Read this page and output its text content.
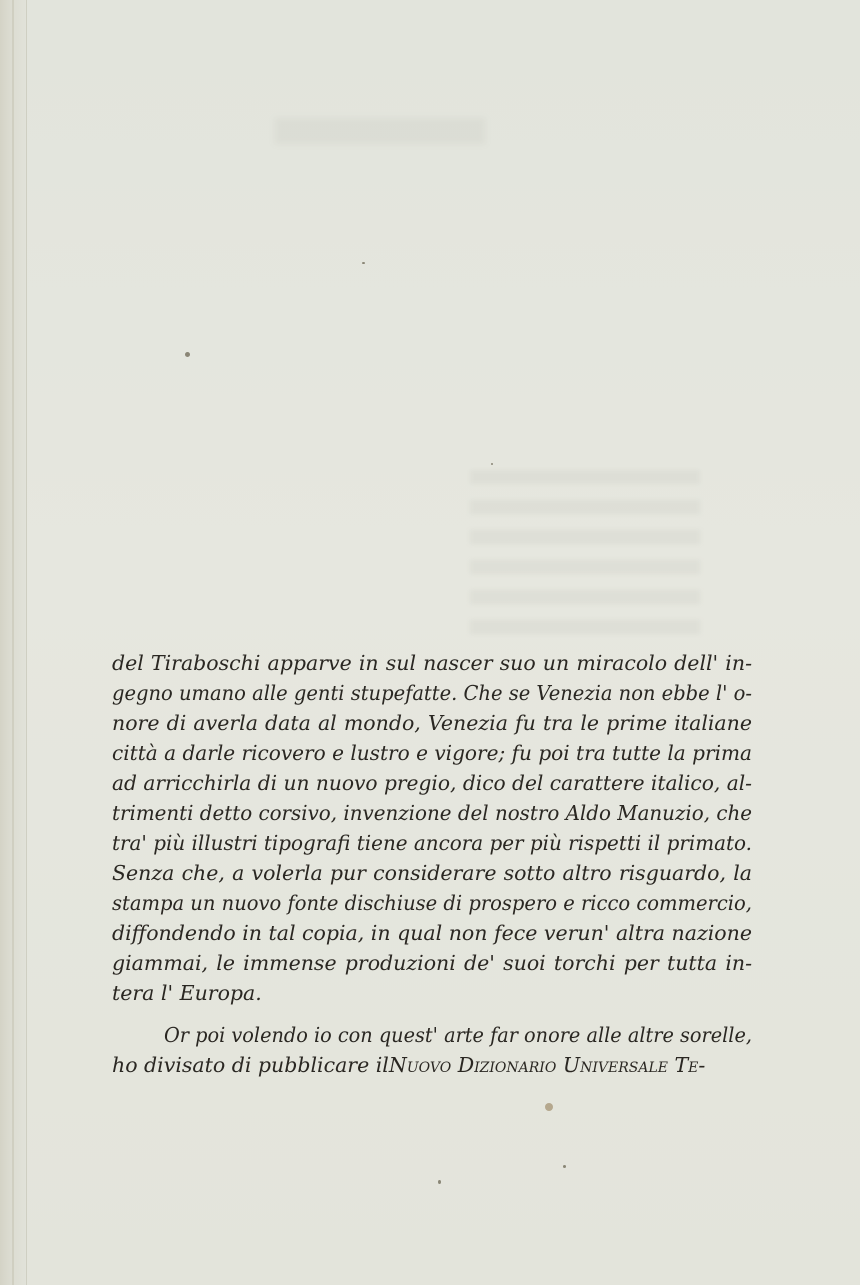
del Tiraboschi apparve in sul nascer suo un miracolo dell' in-
gegno umano alle genti stupefatte. Che se Venezia non ebbe l' o-
nore di averla data al mondo, Venezia fu tra le prime italiane
città a darle ricovero e lustro e vigore; fu poi tra tutte la prima
ad arricchirla di un nuovo pregio, dico del carattere italico, al-
trimenti detto corsivo, invenzione del nostro Aldo Manuzio, che
tra' più illustri tipografi tiene ancora per più rispetti il primato.
Senza che, a volerla pur considerare sotto altro risguardo, la
stampa un nuovo fonte dischiuse di prospero e ricco commercio,
diffondendo in tal copia, in qual non fece verun' altra nazione
giammai, le immense produzioni de' suoi torchi per tutta in-
tera l' Europa.
Or poi volendo io con quest' arte far onore alle altre sorelle,
ho divisato di pubblicare il Nuovo Dizionario Universale Te-
